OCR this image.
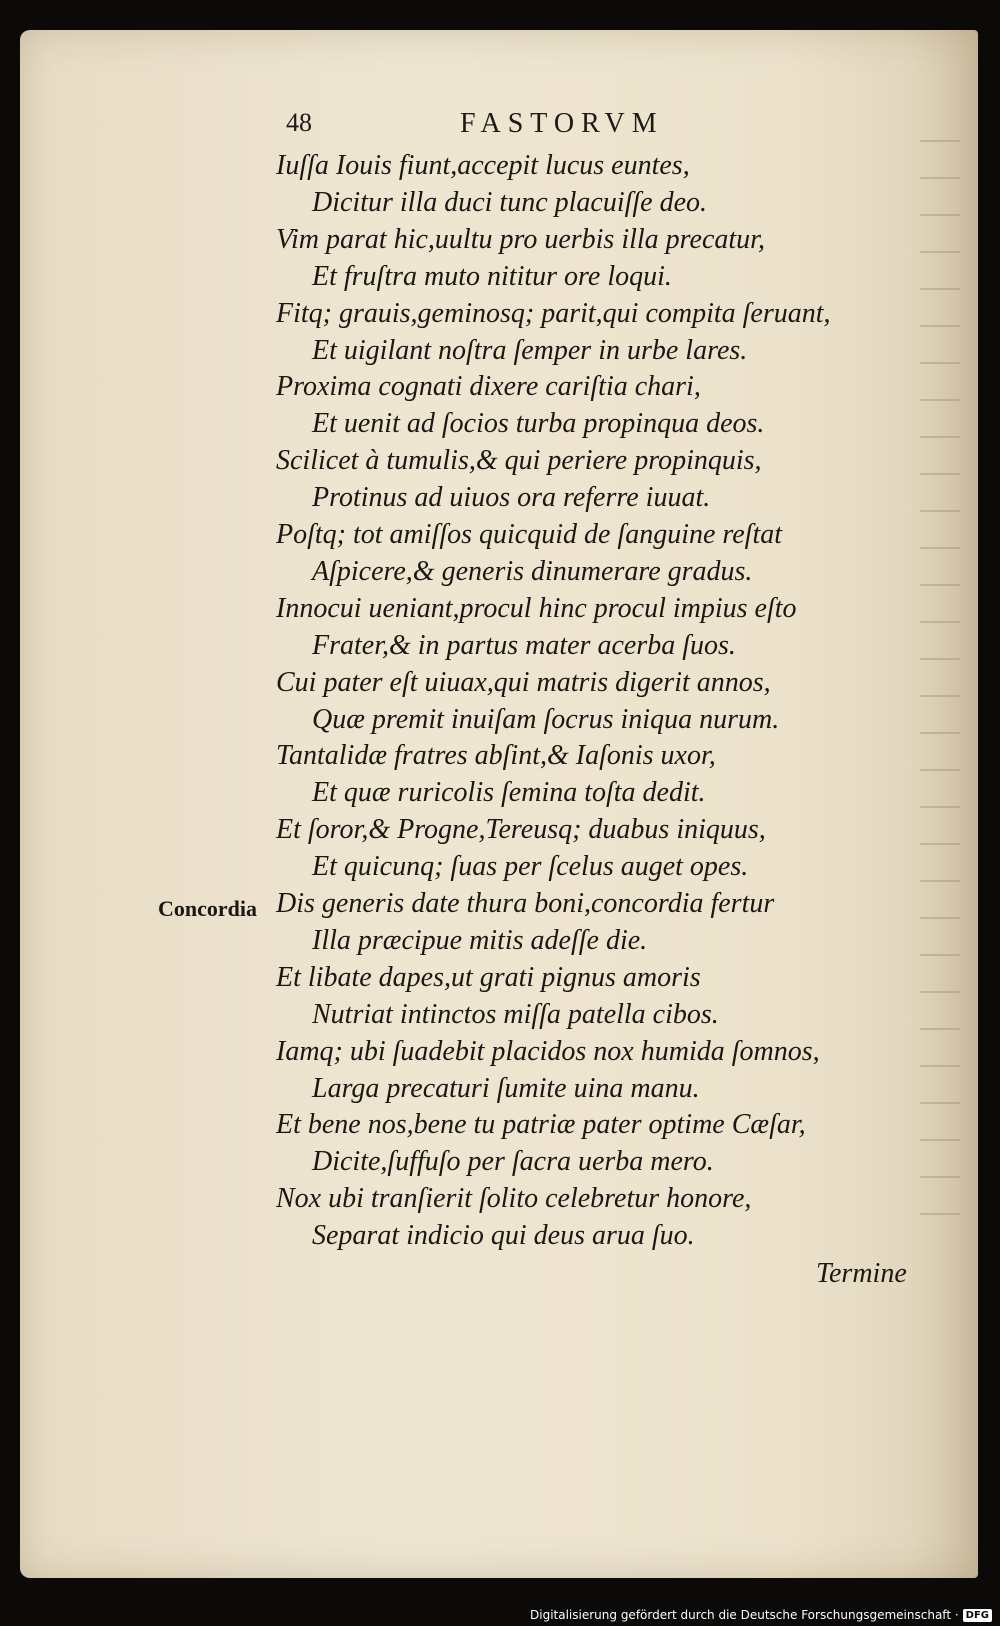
48	FASTORVM
Iuſſa Iouis fiunt,accepit lucus euntes,
Dicitur illa duci tunc placuiſſe deo.
Vim parat hic,uultu pro uerbis illa precatur,
Et fruſtra muto nititur ore loqui.
Fitq; grauis,geminosq; parit,qui compita ſeruant,
Et uigilant noſtra ſemper in urbe lares.
Proxima cognati dixere cariſtia chari,
Et uenit ad ſocios turba propinqua deos.
Scilicet à tumulis,& qui periere propinquis,
Protinus ad uiuos ora referre iuuat.
Poſtq; tot amiſſos quicquid de ſanguine reſtat
Aſpicere,& generis dinumerare gradus.
Innocui ueniant,procul hinc procul impius eſto
Frater,& in partus mater acerba ſuos.
Cui pater eſt uiuax,qui matris digerit annos,
Quæ premit inuiſam ſocrus iniqua nurum.
Tantalidæ fratres abſint,& Iaſonis uxor,
Et quæ ruricolis ſemina toſta dedit.
Et ſoror,& Progne,Tereusq; duabus iniquus,
Et quicunq; ſuas per ſcelus auget opes.
Dis generis date thura boni,concordia fertur
Illa præcipue mitis adeſſe die.
Et libate dapes,ut grati pignus amoris
Nutriat intinctos miſſa patella cibos.
Iamq; ubi ſuadebit placidos nox humida ſomnos,
Larga precaturi ſumite uina manu.
Et bene nos,bene tu patriæ pater optime Cæſar,
Dicite,ſuffuſo per ſacra uerba mero.
Nox ubi tranſierit ſolito celebretur honore,
Separat indicio qui deus arua ſuo.
Concordia
Termine
Digitalisierung gefördert durch die Deutsche Forschungsgemeinschaft · DFG
